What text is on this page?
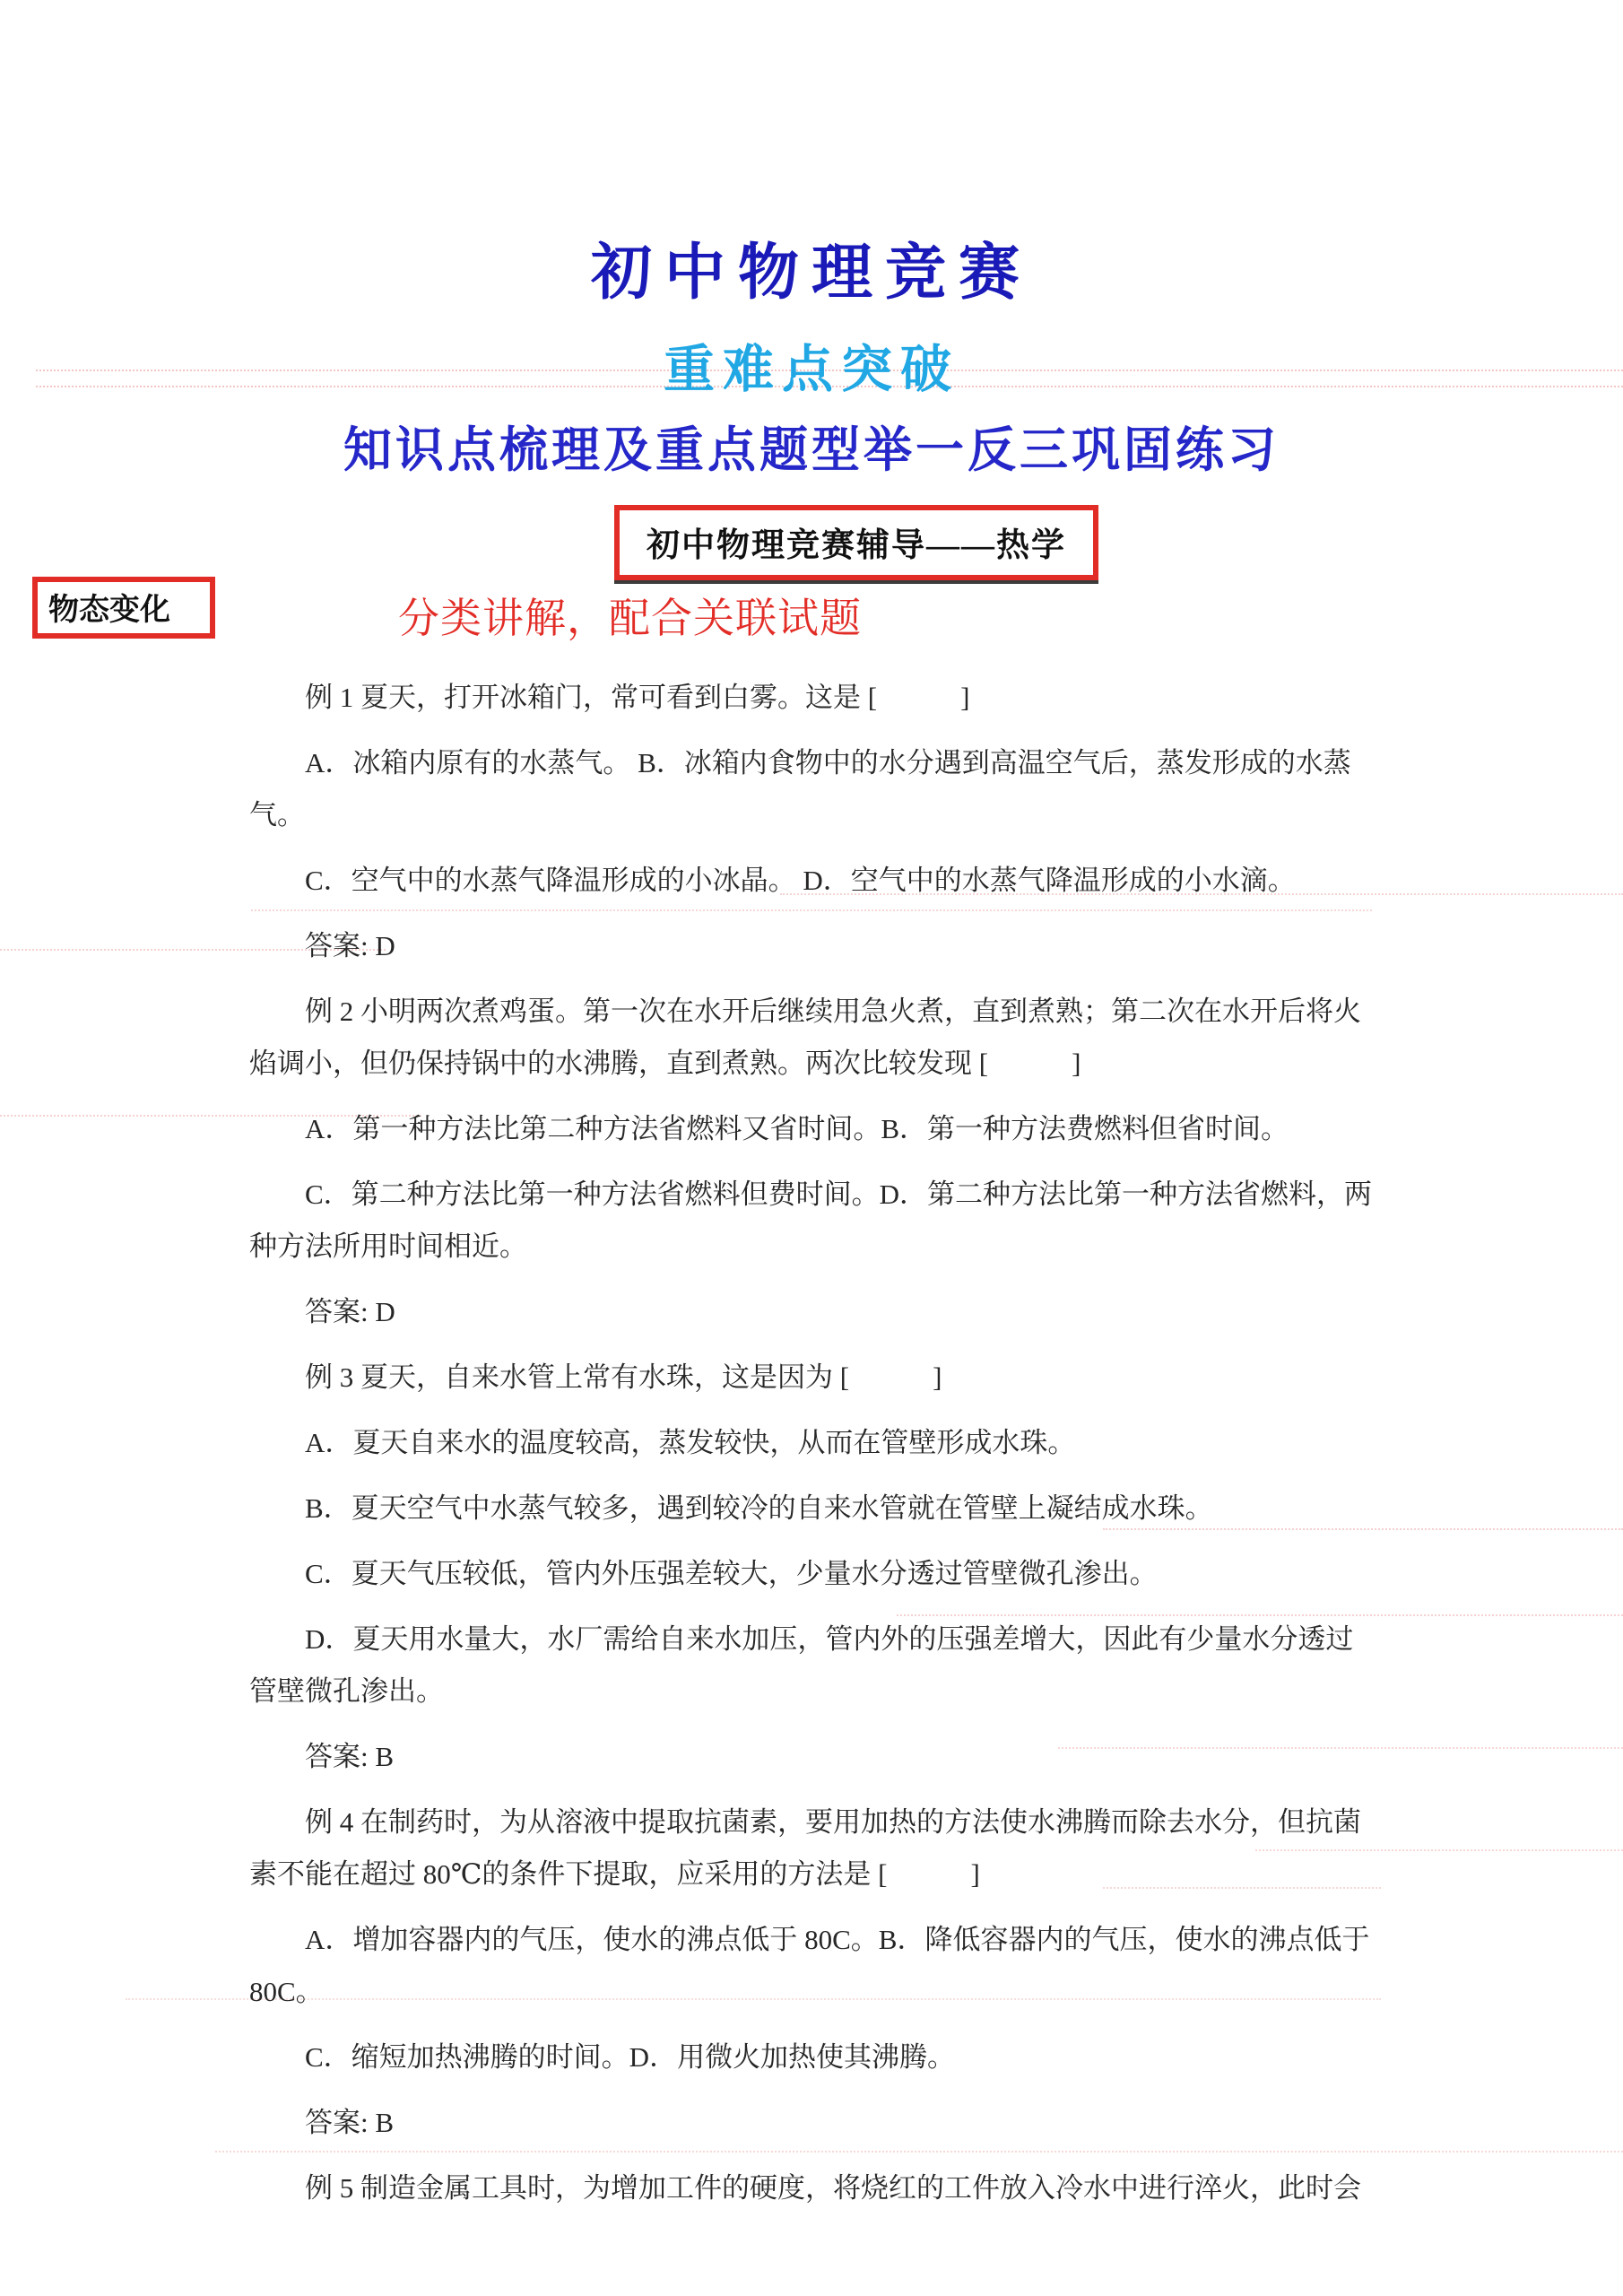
初中物理竞赛
重难点突破
知识点梳理及重点题型举一反三巩固练习
初中物理竞赛辅导——热学
物态变化	分类讲解，配合关联试题

例 1 夏天，打开冰箱门，常可看到白雾。这是 [　　　]

A．冰箱内原有的水蒸气。 B．冰箱内食物中的水分遇到高温空气后，蒸发形成的水蒸气。

C．空气中的水蒸气降温形成的小冰晶。 D．空气中的水蒸气降温形成的小水滴。

答案: D

例 2 小明两次煮鸡蛋。第一次在水开后继续用急火煮，直到煮熟；第二次在水开后将火焰调小，但仍保持锅中的水沸腾，直到煮熟。两次比较发现 [　　　]

A．第一种方法比第二种方法省燃料又省时间。B．第一种方法费燃料但省时间。

C．第二种方法比第一种方法省燃料但费时间。D．第二种方法比第一种方法省燃料，两种方法所用时间相近。

答案: D

例 3 夏天，自来水管上常有水珠，这是因为 [　　　]

A．夏天自来水的温度较高，蒸发较快，从而在管壁形成水珠。

B．夏天空气中水蒸气较多，遇到较冷的自来水管就在管壁上凝结成水珠。

C．夏天气压较低，管内外压强差较大，少量水分透过管壁微孔渗出。

D．夏天用水量大，水厂需给自来水加压，管内外的压强差增大，因此有少量水分透过管壁微孔渗出。

答案: B

例 4 在制药时，为从溶液中提取抗菌素，要用加热的方法使水沸腾而除去水分，但抗菌素不能在超过 80℃的条件下提取，应采用的方法是 [　　　]

A．增加容器内的气压，使水的沸点低于 80C。B．降低容器内的气压，使水的沸点低于 80C。

C．缩短加热沸腾的时间。D．用微火加热使其沸腾。

答案: B

例 5 制造金属工具时，为增加工件的硬度，将烧红的工件放入冷水中进行淬火，此时会
